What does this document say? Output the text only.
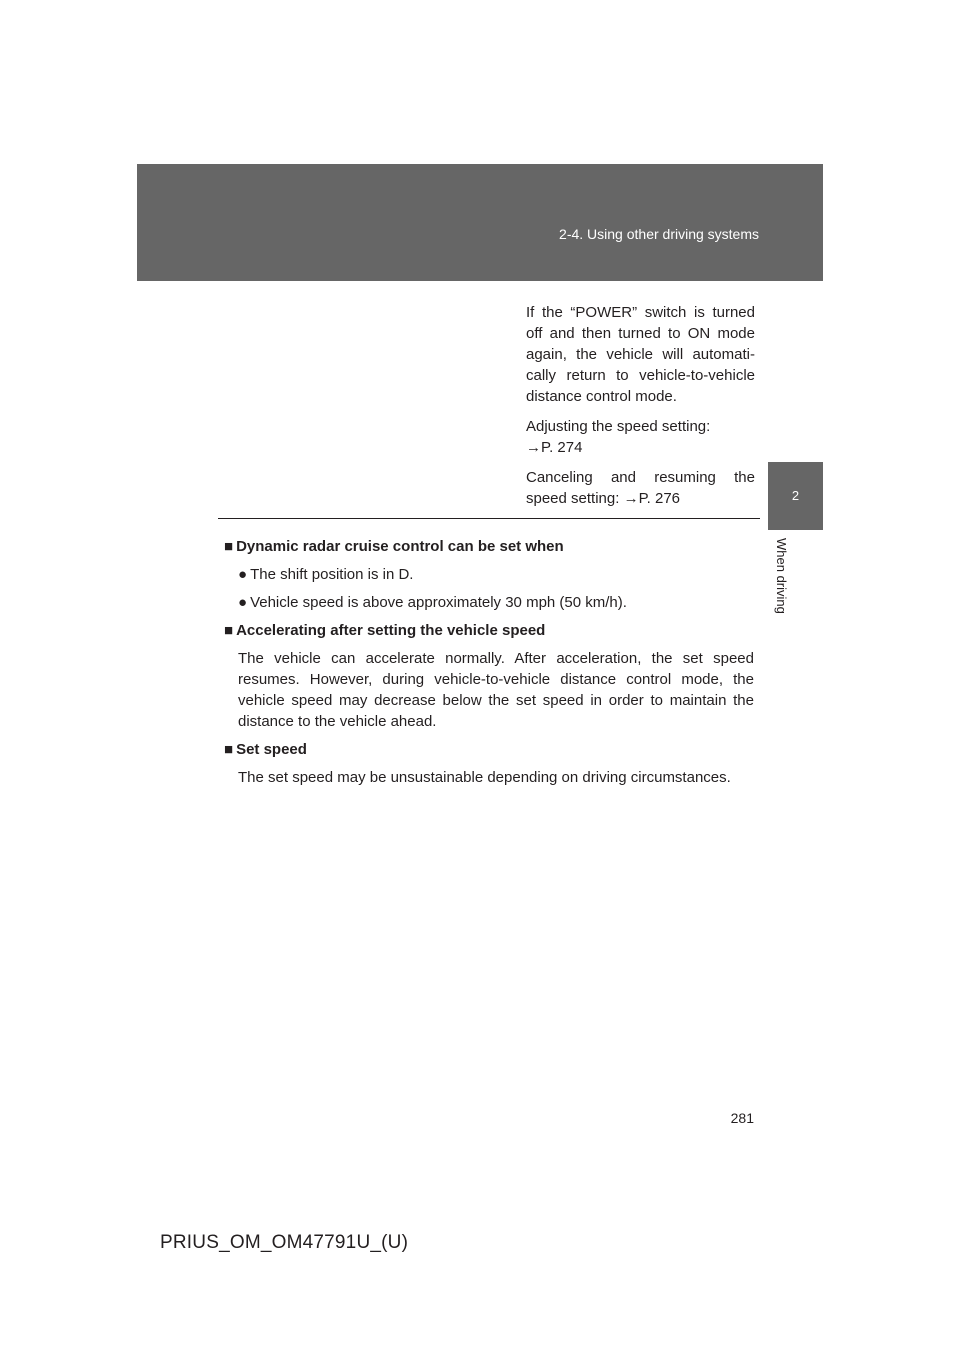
2-4. Using other driving systems
2
When driving

If the “POWER” switch is turned off and then turned to ON mode again, the vehicle will automati- cally return to vehicle-to-vehicle distance control mode.

Adjusting the speed setting:

→P. 274

Canceling and resuming the speed setting: →P. 276

■ Dynamic radar cruise control can be set when
● The shift position is in D.
● Vehicle speed is above approximately 30 mph (50 km/h).
■ Accelerating after setting the vehicle speed
The vehicle can accelerate normally. After acceleration, the set speed resumes. However, during vehicle-to-vehicle distance control mode, the vehicle speed may decrease below the set speed in order to maintain the distance to the vehicle ahead.
■ Set speed
The set speed may be unsustainable depending on driving circumstances.
281
PRIUS_OM_OM47791U_(U)
